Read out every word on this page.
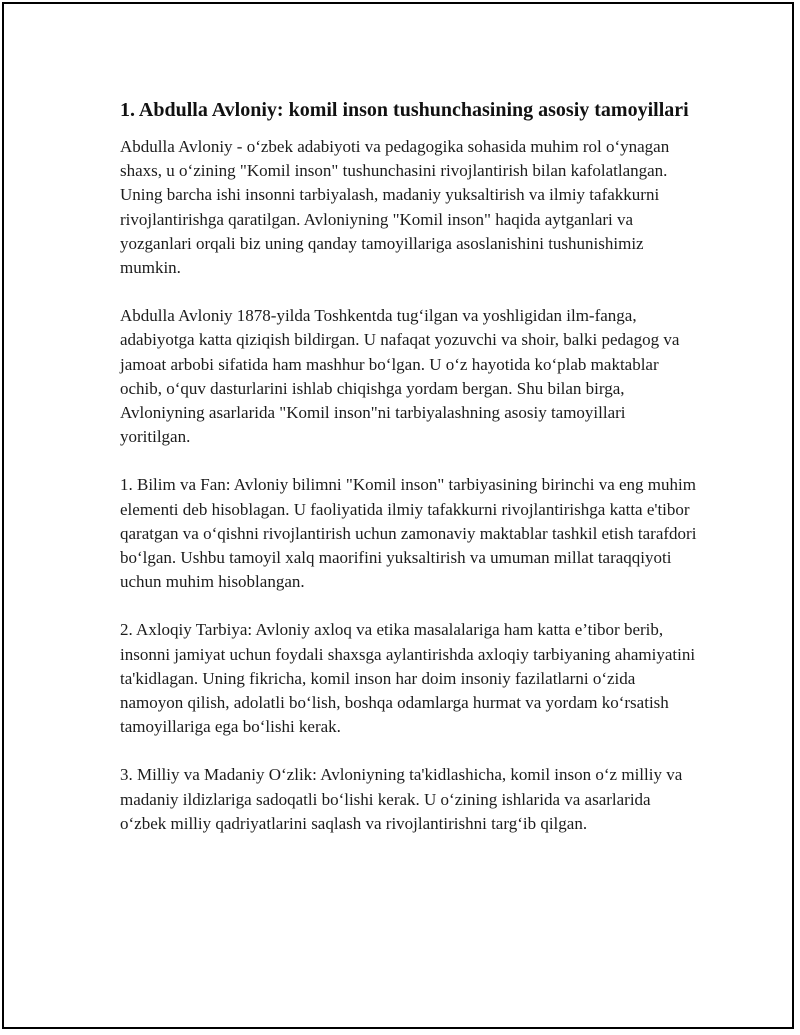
1. Abdulla Avloniy: komil inson tushunchasining asosiy tamoyillari

Abdulla Avloniy - o‘zbek adabiyoti va pedagogika sohasida muhim rol o‘ynagan shaxs, u o‘zining "Komil inson" tushunchasini rivojlantirish bilan kafolatlangan. Uning barcha ishi insonni tarbiyalash, madaniy yuksaltirish va ilmiy tafakkurni rivojlantirishga qaratilgan. Avloniyning "Komil inson" haqida aytganlari va yozganlari orqali biz uning qanday tamoyillariga asoslanishini tushunishimiz mumkin.

Abdulla Avloniy 1878-yilda Toshkentda tug‘ilgan va yoshligidan ilm-fanga, adabiyotga katta qiziqish bildirgan. U nafaqat yozuvchi va shoir, balki pedagog va jamoat arbobi sifatida ham mashhur bo‘lgan. U o‘z hayotida ko‘plab maktablar ochib, o‘quv dasturlarini ishlab chiqishga yordam bergan. Shu bilan birga, Avloniyning asarlarida "Komil inson"ni tarbiyalashning asosiy tamoyillari yoritilgan.

1. Bilim va Fan: Avloniy bilimni "Komil inson" tarbiyasining birinchi va eng muhim elementi deb hisoblagan. U faoliyatida ilmiy tafakkurni rivojlantirishga katta e'tibor qaratgan va o‘qishni rivojlantirish uchun zamonaviy maktablar tashkil etish tarafdori bo‘lgan. Ushbu tamoyil xalq maorifini yuksaltirish va umuman millat taraqqiyoti uchun muhim hisoblangan.

2. Axloqiy Tarbiya: Avloniy axloq va etika masalalariga ham katta e’tibor berib, insonni jamiyat uchun foydali shaxsga aylantirishda axloqiy tarbiyaning ahamiyatini ta'kidlagan. Uning fikricha, komil inson har doim insoniy fazilatlarni o‘zida namoyon qilish, adolatli bo‘lish, boshqa odamlarga hurmat va yordam ko‘rsatish tamoyillariga ega bo‘lishi kerak.

3. Milliy va Madaniy O‘zlik: Avloniyning ta'kidlashicha, komil inson o‘z milliy va madaniy ildizlariga sadoqatli bo‘lishi kerak. U o‘zining ishlarida va asarlarida o‘zbek milliy qadriyatlarini saqlash va rivojlantirishni targ‘ib qilgan.
